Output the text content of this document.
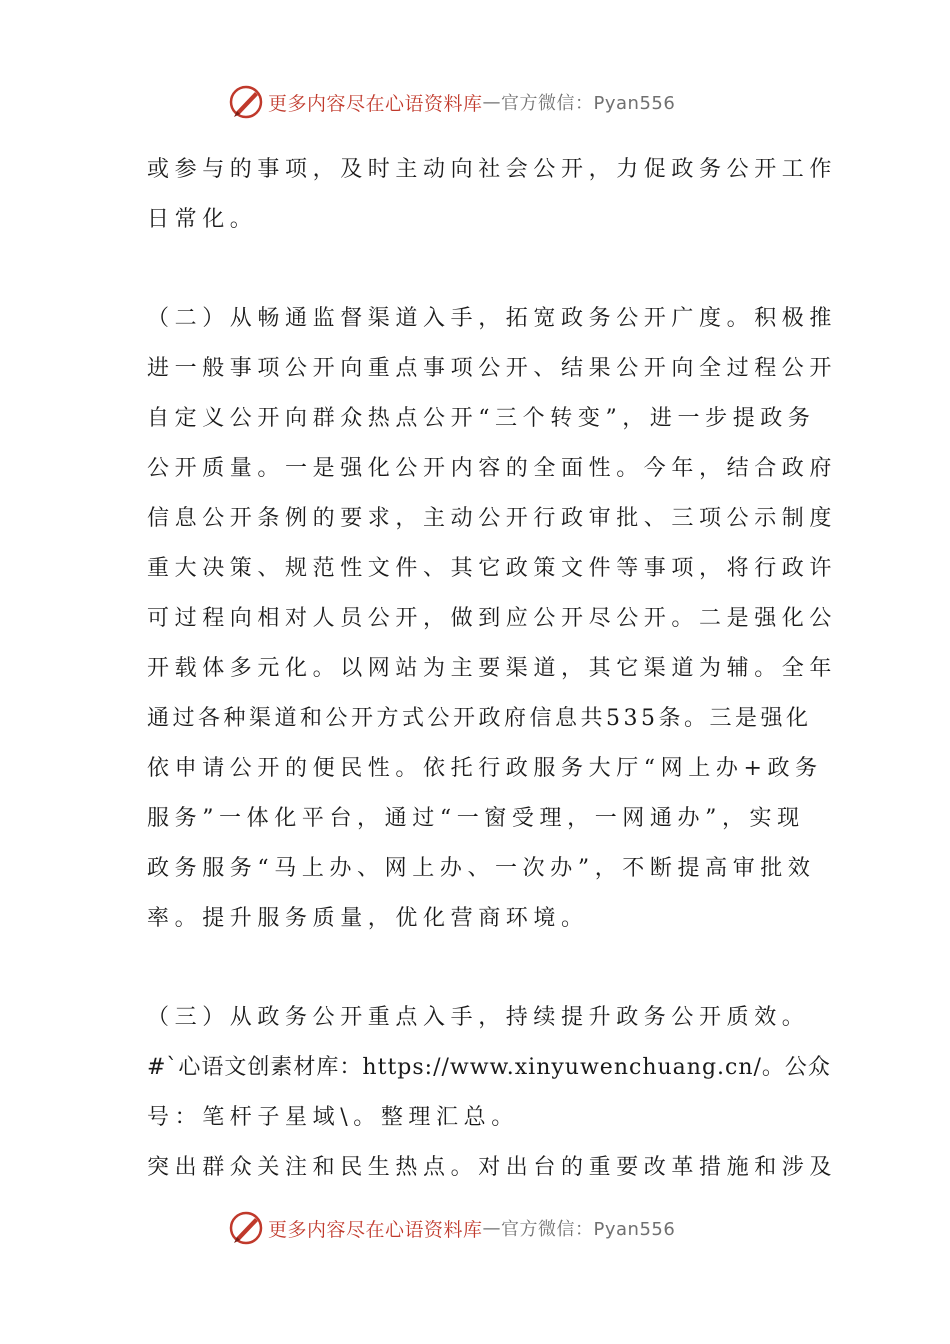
更多内容尽在心语资料库 — 官方微信：Pyan556
或参与的事项，及时主动向社会公开，力促政务公开工作
日常化。
（二）从畅通监督渠道入手，拓宽政务公开广度。积极推
进一般事项公开向重点事项公开、结果公开向全过程公开
自定义公开向群众热点公开“三个转变”，进一步提政务
公开质量。一是强化公开内容的全面性。今年，结合政府
信息公开条例的要求，主动公开行政审批、三项公示制度
重大决策、规范性文件、其它政策文件等事项，将行政许
可过程向相对人员公开，做到应公开尽公开。二是强化公
开载体多元化。以网站为主要渠道，其它渠道为辅。全年
通过各种渠道和公开方式公开政府信息共535条。三是强化
依申请公开的便民性。依托行政服务大厅“网上办+政务
服务”一体化平台，通过“一窗受理，一网通办”，实现
政务服务“马上办、网上办、一次办”，不断提高审批效
率。提升服务质量，优化营商环境。
（三）从政务公开重点入手，持续提升政务公开质效。
#`心语文创素材库：https://www.xinyuwenchuang.cn/。公众
号：笔杆子星域\。整理汇总。
突出群众关注和民生热点。对出台的重要改革措施和涉及
更多内容尽在心语资料库 — 官方微信：Pyan556
